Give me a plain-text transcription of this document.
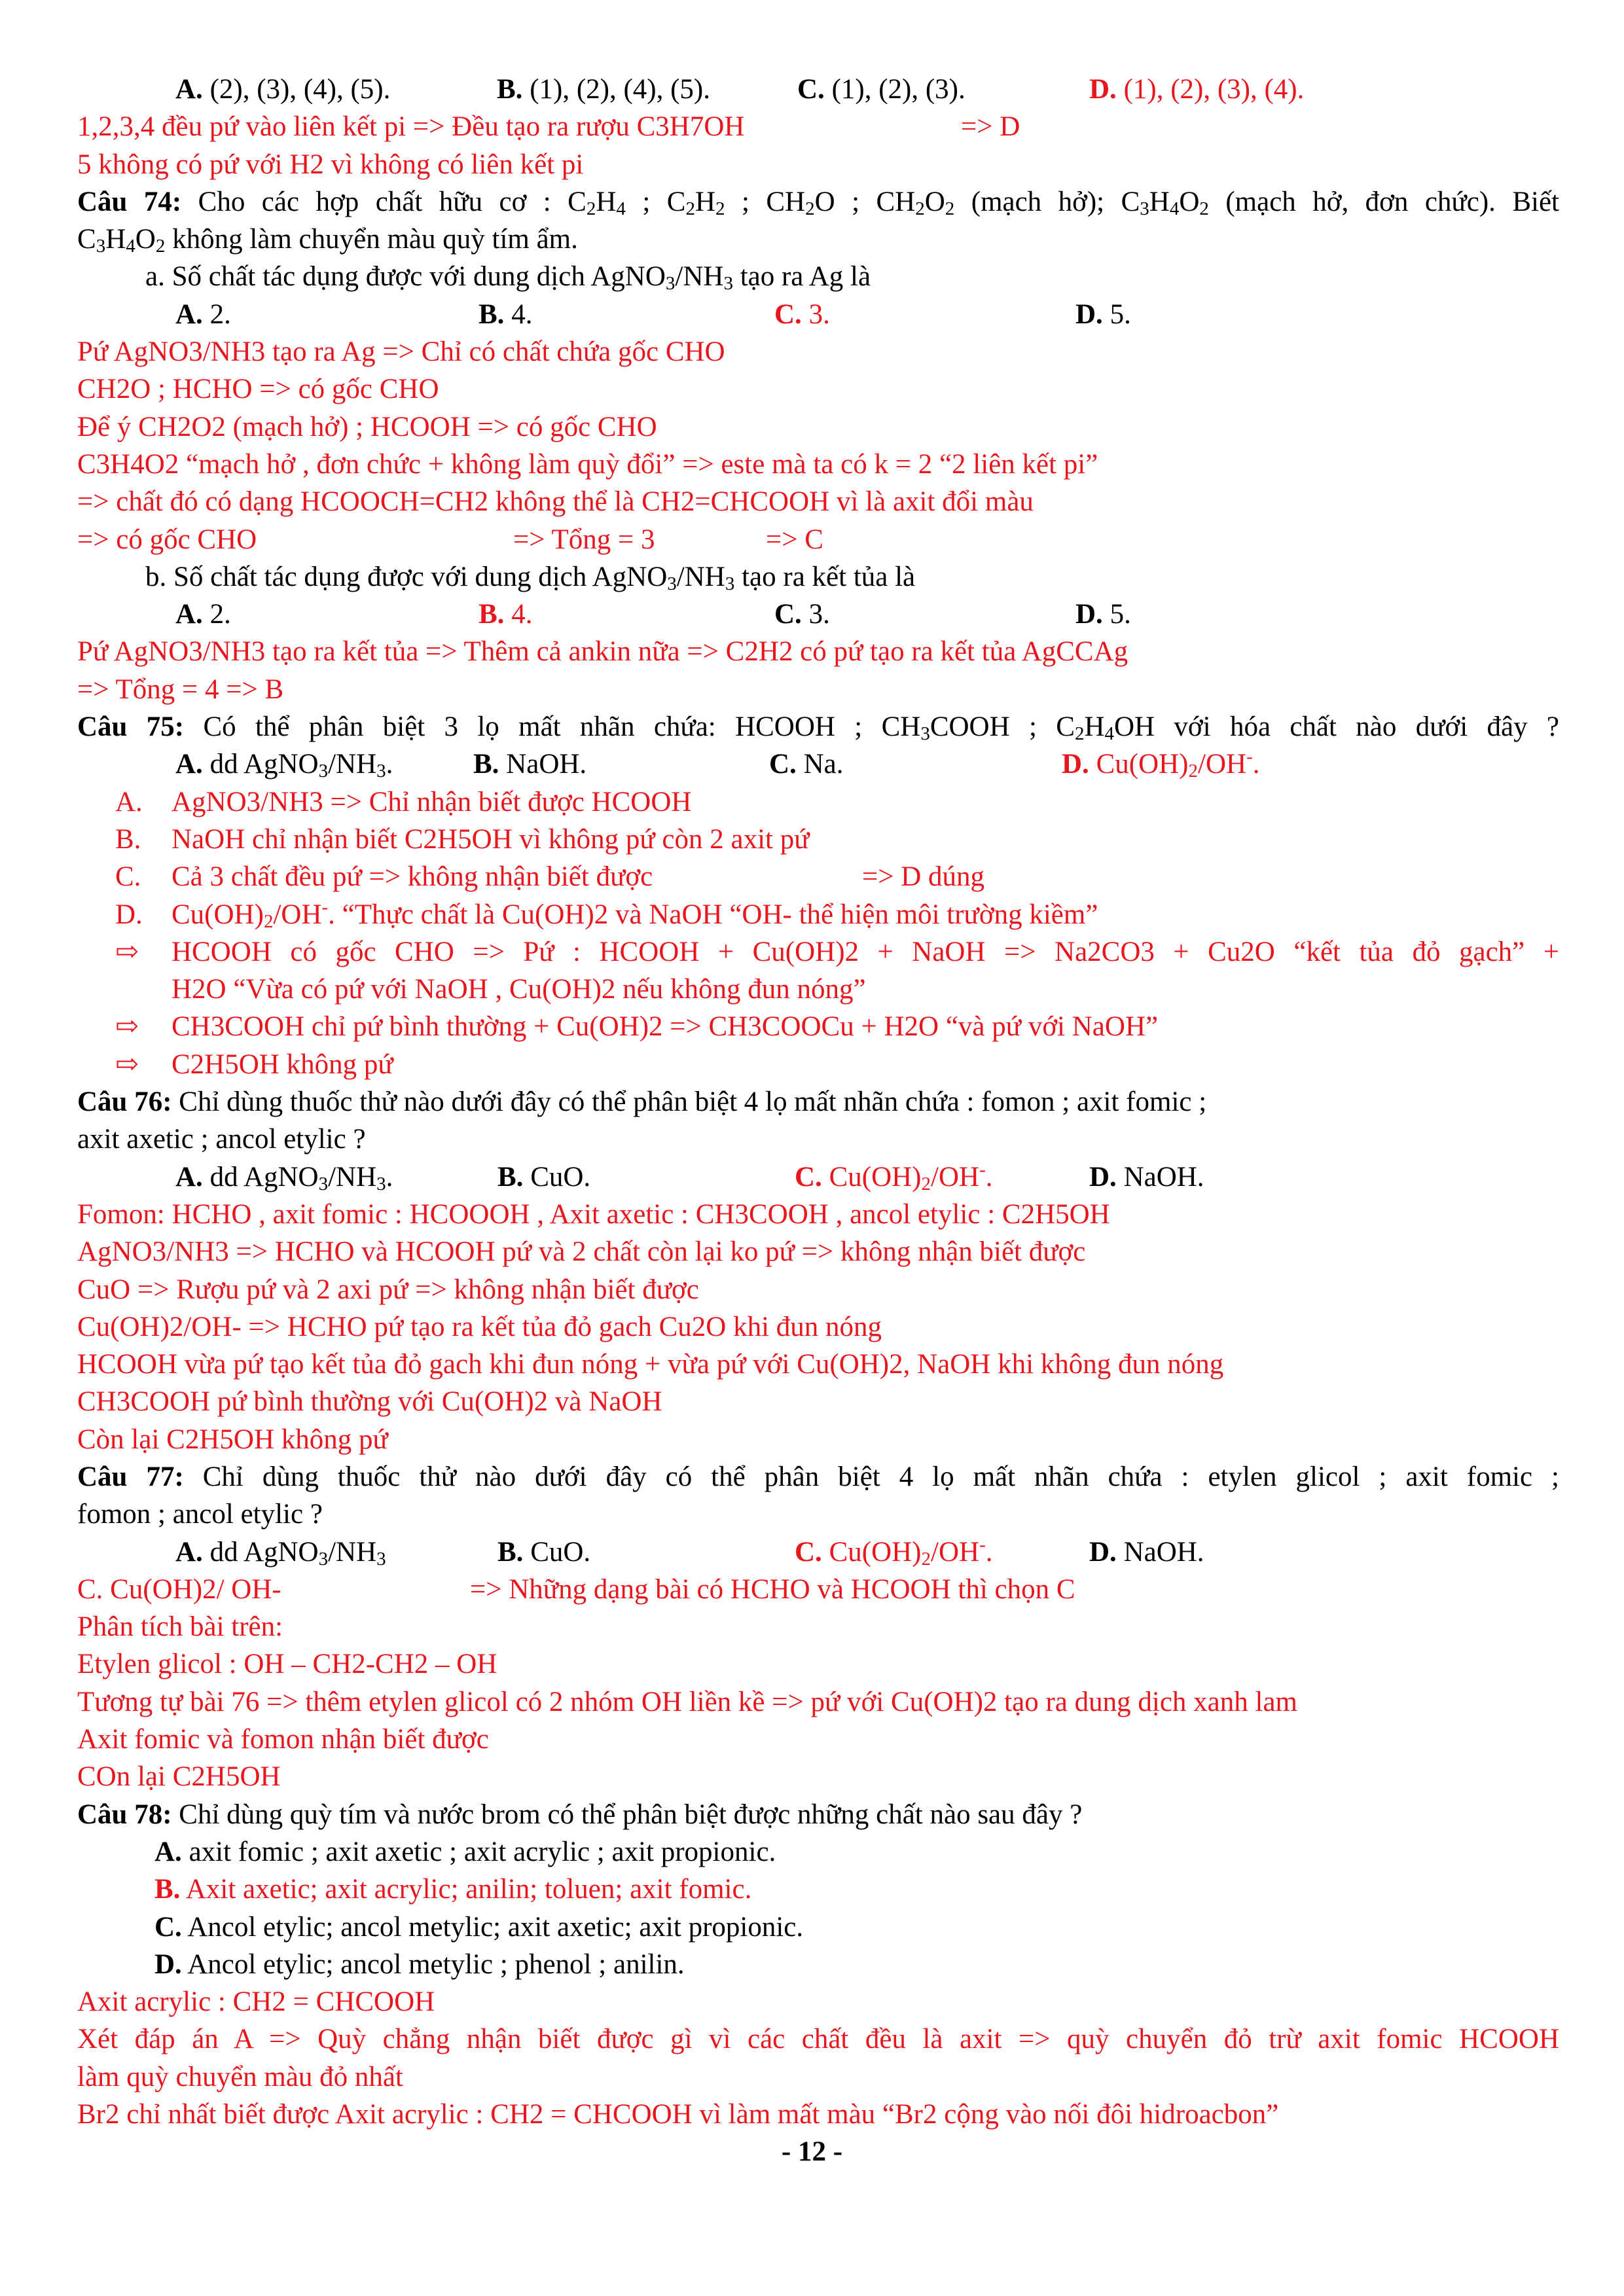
A. (2), (3), (4), (5).	B. (1), (2), (4), (5).	C. (1), (2), (3).	D. (1), (2), (3), (4).
1,2,3,4 đều pứ vào liên kết pi => Đều tạo ra rượu C3H7OH	=> D
5 không có pứ với H2 vì không có liên kết pi
Câu 74: Cho các hợp chất hữu cơ : $C_2H_4$ ; $C_2H_2$ ; $CH_2O$ ; $CH_2O_2$ (mạch hở); $C_3H_4O_2$ (mạch hở, đơn chức). Biết
$C_3H_4O_2$ không làm chuyển màu quỳ tím ẩm.
a. Số chất tác dụng được với dung dịch $AgNO_3/NH_3$ tạo ra Ag là
A. 2.	B. 4.	C. 3.	D. 5.
Pứ AgNO3/NH3 tạo ra Ag => Chỉ có chất chứa gốc CHO
CH2O ; HCHO => có gốc CHO
Để ý CH2O2 (mạch hở) ; HCOOH => có gốc CHO
C3H4O2 “mạch hở , đơn chức + không làm quỳ đổi” => este mà ta có k = 2 “2 liên kết pi”
=> chất đó có dạng HCOOCH=CH2 không thể là CH2=CHCOOH vì là axit đổi màu
=> có gốc CHO	=> Tổng = 3	=> C
b. Số chất tác dụng được với dung dịch $AgNO_3/NH_3$ tạo ra kết tủa là
A. 2.	B. 4.	C. 3.	D. 5.
Pứ AgNO3/NH3 tạo ra kết tủa => Thêm cả ankin nữa => C2H2 có pứ tạo ra kết tủa AgCCAg
=> Tổng = 4 => B
Câu 75: Có thể phân biệt 3 lọ mất nhãn chứa: HCOOH ; $CH_3COOH$ ; $C_2H_4OH$ với hóa chất nào dưới đây ?
A. dd $AgNO_3/NH_3$.	B. NaOH.	C. Na.	D. $Cu(OH)_2/OH^-$.
A. AgNO3/NH3 => Chỉ nhận biết được HCOOH
B. NaOH chỉ nhận biết C2H5OH vì không pứ còn 2 axit pứ
C. Cả 3 chất đều pứ => không nhận biết được	=> D dúng
D. $Cu(OH)_2/OH^-$. “Thực chất là Cu(OH)2 và NaOH “OH- thể hiện môi trường kiềm”
⇨ HCOOH có gốc CHO => Pứ : HCOOH + Cu(OH)2 + NaOH => Na2CO3 + Cu2O “kết tủa đỏ gạch” +
H2O “Vừa có pứ với NaOH , Cu(OH)2 nếu không đun nóng”
⇨ CH3COOH chỉ pứ bình thường + Cu(OH)2 => CH3COOCu + H2O “và pứ với NaOH”
⇨ C2H5OH không pứ
Câu 76: Chỉ dùng thuốc thử nào dưới đây có thể phân biệt 4 lọ mất nhãn chứa : fomon ; axit fomic ;
axit axetic ; ancol etylic ?
A. dd $AgNO_3/NH_3$.	B. CuO.	C. $Cu(OH)_2/OH^-$.	D. NaOH.
Fomon: HCHO , axit fomic : HCOOOH , Axit axetic : CH3COOH , ancol etylic : C2H5OH
AgNO3/NH3 => HCHO và HCOOH pứ và 2 chất còn lại ko pứ => không nhận biết được
CuO => Rượu pứ và 2 axi pứ => không nhận biết được
Cu(OH)2/OH- => HCHO pứ tạo ra kết tủa đỏ gach Cu2O khi đun nóng
HCOOH vừa pứ tạo kết tủa đỏ gach khi đun nóng + vừa pứ với Cu(OH)2, NaOH khi không đun nóng
CH3COOH pứ bình thường với Cu(OH)2 và NaOH
Còn lại C2H5OH không pứ
Câu 77: Chỉ dùng thuốc thử nào dưới đây có thể phân biệt 4 lọ mất nhãn chứa : etylen glicol ; axit fomic ;
fomon ; ancol etylic ?
A. dd $AgNO_3/NH_3$	B. CuO.	C. $Cu(OH)_2/OH^-$.	D. NaOH.
C. Cu(OH)2/ OH-	=> Những dạng bài có HCHO và HCOOH thì chọn C
Phân tích bài trên:
Etylen glicol : OH – CH2-CH2 – OH
Tương tự bài 76 => thêm etylen glicol có 2 nhóm OH liền kề => pứ với Cu(OH)2 tạo ra dung dịch xanh lam
Axit fomic và fomon nhận biết được
COn lại C2H5OH
Câu 78: Chỉ dùng quỳ tím và nước brom có thể phân biệt được những chất nào sau đây ?
A. axit fomic ; axit axetic ; axit acrylic ; axit propionic.
B. Axit axetic; axit acrylic; anilin; toluen; axit fomic.
C. Ancol etylic; ancol metylic; axit axetic; axit propionic.
D. Ancol etylic; ancol metylic ; phenol ; anilin.
Axit acrylic : CH2 = CHCOOH
Xét đáp án A => Quỳ chẳng nhận biết được gì vì các chất đều là axit => quỳ chuyển đỏ trừ axit fomic HCOOH
làm quỳ chuyển màu đỏ nhất
Br2 chỉ nhất biết được Axit acrylic : CH2 = CHCOOH vì làm mất màu “Br2 cộng vào nối đôi hidroacbon”
- 12 -
